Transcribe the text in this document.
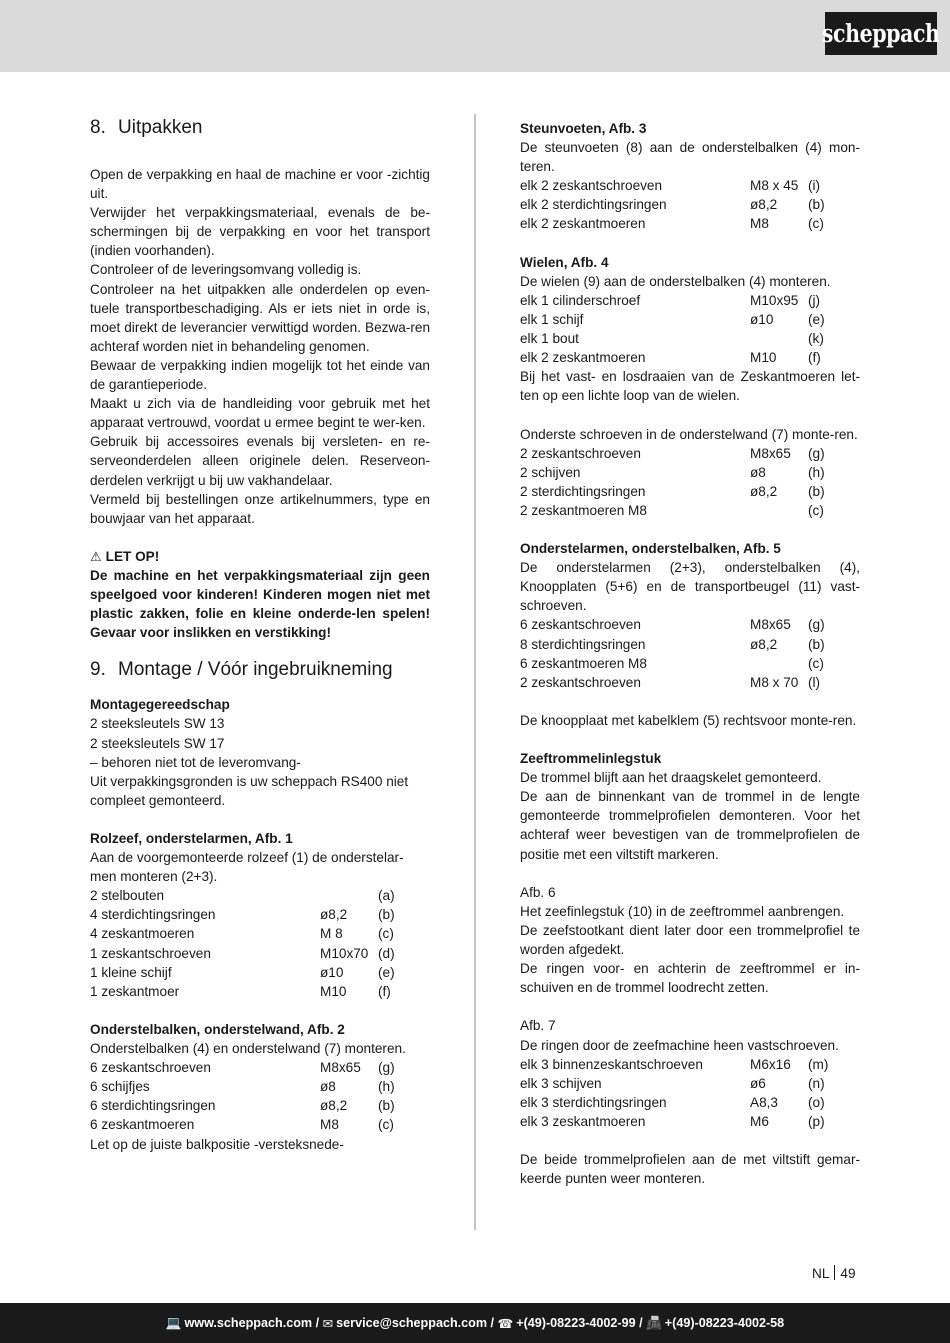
scheppach
8. Uitpakken
Open de verpakking en haal de machine er voor -zichtig uit.
Verwijder het verpakkingsmateriaal, evenals de be-schermingen bij de verpakking en voor het transport (indien voorhanden).
Controleer of de leveringsomvang volledig is.
Controleer na het uitpakken alle onderdelen op even-tuele transportbeschadiging. Als er iets niet in orde is, moet direkt de leverancier verwittigd worden. Bezwa-ren achteraf worden niet in behandeling genomen.
Bewaar de verpakking indien mogelijk tot het einde van de garantieperiode.
Maakt u zich via de handleiding voor gebruik met het apparaat vertrouwd, voordat u ermee begint te wer-ken.
Gebruik bij accessoires evenals bij versleten- en re-serveonderdelen alleen originele delen. Reserveon-derdelen verkrijgt u bij uw vakhandelaar.
Vermeld bij bestellingen onze artikelnummers, type en bouwjaar van het apparaat.
⚠ LET OP!
De machine en het verpakkingsmateriaal zijn geen speelgoed voor kinderen! Kinderen mogen niet met plastic zakken, folie en kleine onderde-len spelen! Gevaar voor inslikken en verstikking!
9. Montage / Vóór ingebruikneming
Montagegereedschap
2 steeksleutels SW 13
2 steeksleutels SW 17
– behoren niet tot de leveromvang-
Uit verpakkingsgronden is uw scheppach RS400 niet compleet gemonteerd.
Rolzeef, onderstelarmen, Afb. 1
Aan de voorgemonteerde rolzeef (1) de onderstelar-men monteren (2+3).
2 stelbouten	(a)
4 sterdichtingsringen	ø8,2	(b)
4 zeskantmoeren	M 8	(c)
1 zeskantschroeven	M10x70 (d)
1 kleine schijf	ø10	(e)
1 zeskantmoer	M10	(f)
Onderstelbalken, onderstelwand, Afb. 2
Onderstelbalken (4) en onderstelwand (7) monteren.
6 zeskantschroeven	M8x65	(g)
6 schijfjes	ø8	(h)
6 sterdichtingsringen	ø8,2	(b)
6 zeskantmoeren	M8	(c)
Let op de juiste balkpositie -versteksnede-
Steunvoeten, Afb. 3
De steunvoeten (8) aan de onderstelbalken (4) mon-teren.
elk 2 zeskantschroeven	M8 x 45 (i)
elk 2 sterdichtingsringen	ø8,2	(b)
elk 2 zeskantmoeren	M8	(c)
Wielen, Afb. 4
De wielen (9) aan de onderstelbalken (4) monteren.
elk 1 cilinderschroef	M10x95 (j)
elk 1 schijf	ø10	(e)
elk 1 bout	(k)
elk 2 zeskantmoeren	M10	(f)
Bij het vast- en losdraaien van de Zeskantmoeren let-ten op een lichte loop van de wielen.
Onderste schroeven in de onderstelwand (7) monte-ren.
2 zeskantschroeven	M8x65	(g)
2 schijven	ø8	(h)
2 sterdichtingsringen	ø8,2	(b)
2 zeskantmoeren M8	(c)
Onderstelarmen, onderstelbalken, Afb. 5
De onderstelarmen (2+3), onderstelbalken (4), Knoopplaten (5+6) en de transportbeugel (11) vast-schroeven.
6 zeskantschroeven	M8x65	(g)
8 sterdichtingsringen	ø8,2	(b)
6 zeskantmoeren M8	(c)
2 zeskantschroeven	M8 x 70 (l)
De knoopplaat met kabelklem (5) rechtsvoor monte-ren.
Zeeftrommelinlegstuk
De trommel blijft aan het draagskelet gemonteerd.
De aan de binnenkant van de trommel in de lengte gemonteerde trommelprofielen demonteren. Voor het achteraf weer bevestigen van de trommelprofielen de positie met een viltstift markeren.
Afb. 6
Het zeefinlegstuk (10) in de zeeftrommel aanbrengen.
De zeefstootkant dient later door een trommelprofiel te worden afgedekt.
De ringen voor- en achterin de zeeftrommel er in-schuiven en de trommel loodrecht zetten.
Afb. 7
De ringen door de zeefmachine heen vastschroeven.
elk 3 binnenzeskantschroeven	M6x16	(m)
elk 3 schijven	ø6	(n)
elk 3 sterdichtingsringen	A8,3	(o)
elk 3 zeskantmoeren	M6	(p)
De beide trommelprofielen aan de met viltstift gemar-keerde punten weer monteren.
NL 49
💻 www.scheppach.com /
✉ service@scheppach.com /
☎ +(49)-08223-4002-99 /
📠 +(49)-08223-4002-58
